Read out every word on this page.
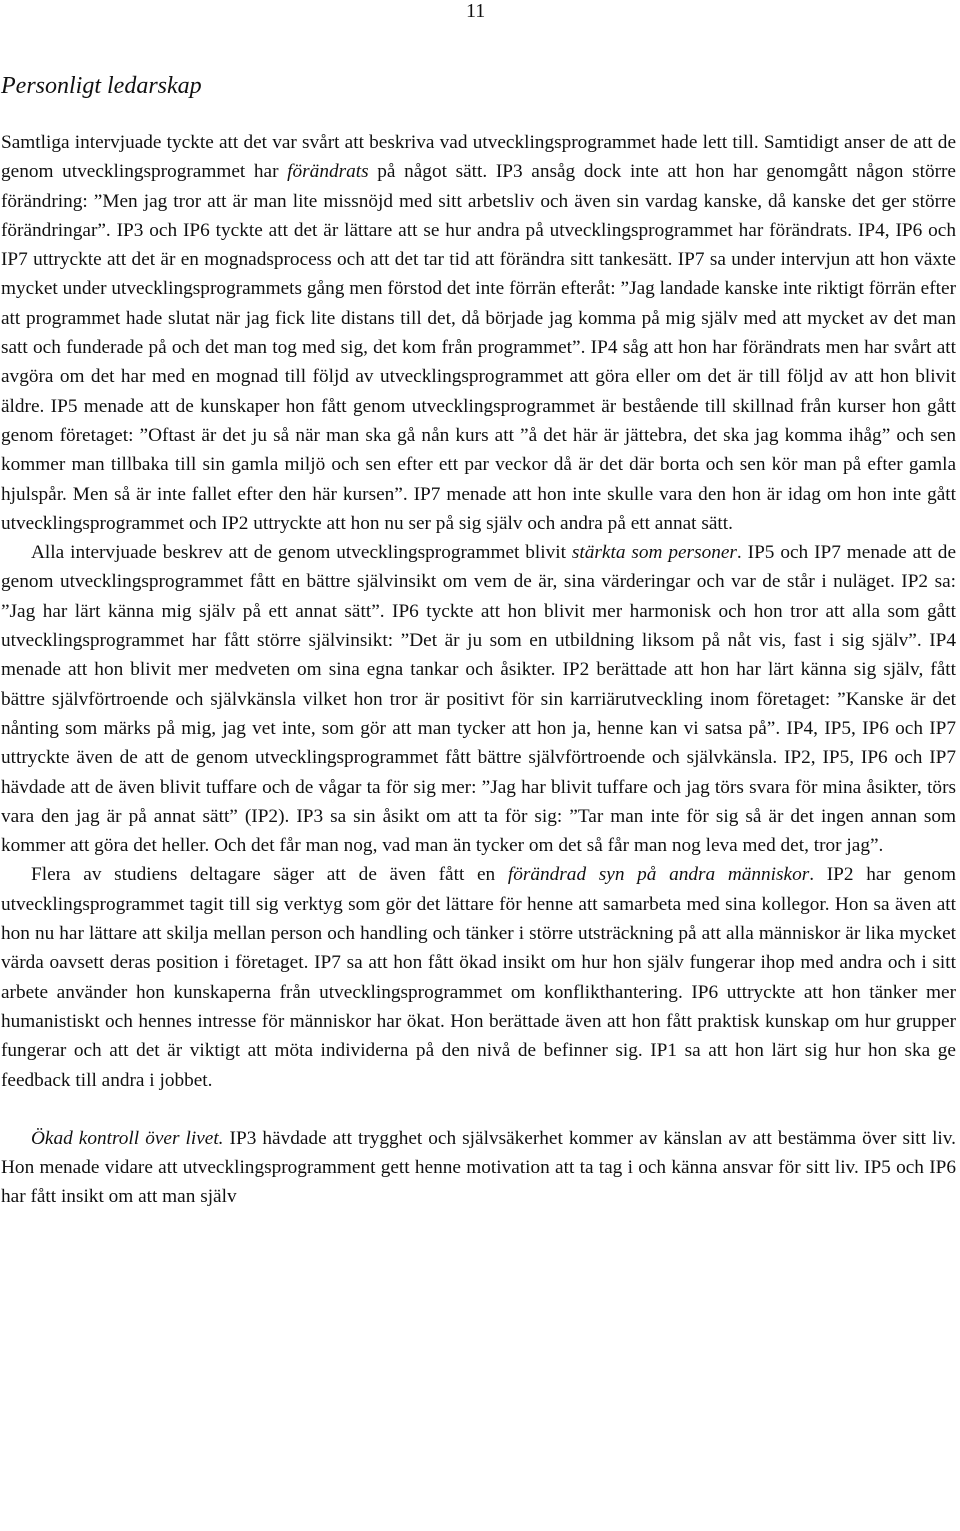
11
Personligt ledarskap

Samtliga intervjuade tyckte att det var svårt att beskriva vad utvecklingsprogrammet hade lett till. Samtidigt anser de att de genom utvecklingsprogrammet har förändrats på något sätt. IP3 ansåg dock inte att hon har genomgått någon större förändring: ”Men jag tror att är man lite missnöjd med sitt arbetsliv och även sin vardag kanske, då kanske det ger större förändringar”. IP3 och IP6 tyckte att det är lättare att se hur andra på utvecklingsprogrammet har förändrats. IP4, IP6 och IP7 uttryckte att det är en mognadsprocess och att det tar tid att förändra sitt tankesätt. IP7 sa under intervjun att hon växte mycket under utvecklingsprogrammets gång men förstod det inte förrän efteråt: ”Jag landade kanske inte riktigt förrän efter att programmet hade slutat när jag fick lite distans till det, då började jag komma på mig själv med att mycket av det man satt och funderade på och det man tog med sig, det kom från programmet”. IP4 såg att hon har förändrats men har svårt att avgöra om det har med en mognad till följd av utvecklingsprogrammet att göra eller om det är till följd av att hon blivit äldre. IP5 menade att de kunskaper hon fått genom utvecklingsprogrammet är bestående till skillnad från kurser hon gått genom företaget: ”Oftast är det ju så när man ska gå nån kurs att ”å det här är jättebra, det ska jag komma ihåg” och sen kommer man tillbaka till sin gamla miljö och sen efter ett par veckor då är det där borta och sen kör man på efter gamla hjulspår. Men så är inte fallet efter den här kursen”. IP7 menade att hon inte skulle vara den hon är idag om hon inte gått utvecklingsprogrammet och IP2 uttryckte att hon nu ser på sig själv och andra på ett annat sätt.

Alla intervjuade beskrev att de genom utvecklingsprogrammet blivit stärkta som personer. IP5 och IP7 menade att de genom utvecklingsprogrammet fått en bättre självinsikt om vem de är, sina värderingar och var de står i nuläget. IP2 sa: ”Jag har lärt känna mig själv på ett annat sätt”. IP6 tyckte att hon blivit mer harmonisk och hon tror att alla som gått utvecklingsprogrammet har fått större självinsikt: ”Det är ju som en utbildning liksom på nåt vis, fast i sig själv”. IP4 menade att hon blivit mer medveten om sina egna tankar och åsikter. IP2 berättade att hon har lärt känna sig själv, fått bättre självförtroende och självkänsla vilket hon tror är positivt för sin karriärutveckling inom företaget: ”Kanske är det nånting som märks på mig, jag vet inte, som gör att man tycker att hon ja, henne kan vi satsa på”. IP4, IP5, IP6 och IP7 uttryckte även de att de genom utvecklingsprogrammet fått bättre självförtroende och självkänsla. IP2, IP5, IP6 och IP7 hävdade att de även blivit tuffare och de vågar ta för sig mer: ”Jag har blivit tuffare och jag törs svara för mina åsikter, törs vara den jag är på annat sätt” (IP2). IP3 sa sin åsikt om att ta för sig: ”Tar man inte för sig så är det ingen annan som kommer att göra det heller. Och det får man nog, vad man än tycker om det så får man nog leva med det, tror jag”.

Flera av studiens deltagare säger att de även fått en förändrad syn på andra människor. IP2 har genom utvecklingsprogrammet tagit till sig verktyg som gör det lättare för henne att samarbeta med sina kollegor. Hon sa även att hon nu har lättare att skilja mellan person och handling och tänker i större utsträckning på att alla människor är lika mycket värda oavsett deras position i företaget. IP7 sa att hon fått ökad insikt om hur hon själv fungerar ihop med andra och i sitt arbete använder hon kunskaperna från utvecklingsprogrammet om konflikthantering. IP6 uttryckte att hon tänker mer humanistiskt och hennes intresse för människor har ökat. Hon berättade även att hon fått praktisk kunskap om hur grupper fungerar och att det är viktigt att möta individerna på den nivå de befinner sig. IP1 sa att hon lärt sig hur hon ska ge feedback till andra i jobbet.

Ökad kontroll över livet. IP3 hävdade att trygghet och självsäkerhet kommer av känslan av att bestämma över sitt liv. Hon menade vidare att utvecklingsprogramment gett henne motivation att ta tag i och känna ansvar för sitt liv. IP5 och IP6 har fått insikt om att man själv
